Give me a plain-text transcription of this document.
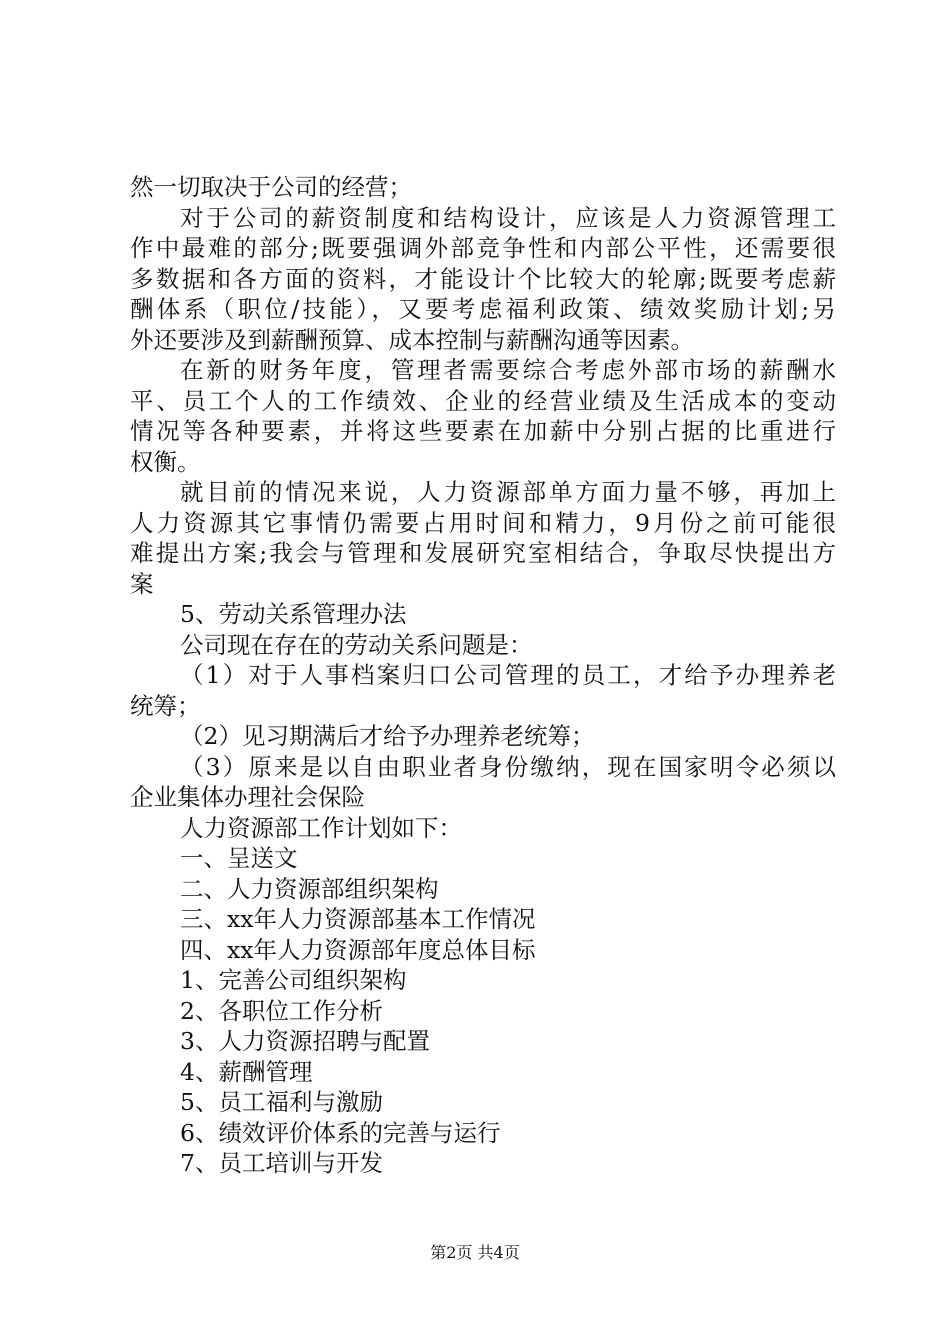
然一切取决于公司的经营；
对于公司的薪资制度和结构设计，应该是人力资源管理工
作中最难的部分;既要强调外部竞争性和内部公平性，还需要很
多数据和各方面的资料，才能设计个比较大的轮廓;既要考虑薪
酬体系（职位/技能），又要考虑福利政策、绩效奖励计划;另
外还要涉及到薪酬预算、成本控制与薪酬沟通等因素。
在新的财务年度，管理者需要综合考虑外部市场的薪酬水
平、员工个人的工作绩效、企业的经营业绩及生活成本的变动
情况等各种要素，并将这些要素在加薪中分别占据的比重进行
权衡。
就目前的情况来说，人力资源部单方面力量不够，再加上
人力资源其它事情仍需要占用时间和精力，9月份之前可能很
难提出方案;我会与管理和发展研究室相结合，争取尽快提出方
案
5、劳动关系管理办法
公司现在存在的劳动关系问题是：
（1）对于人事档案归口公司管理的员工，才给予办理养老
统筹；
（2）见习期满后才给予办理养老统筹；
（3）原来是以自由职业者身份缴纳，现在国家明令必须以
企业集体办理社会保险
人力资源部工作计划如下：
一、呈送文
二、人力资源部组织架构
三、xx年人力资源部基本工作情况
四、xx年人力资源部年度总体目标
1、完善公司组织架构
2、各职位工作分析
3、人力资源招聘与配置
4、薪酬管理
5、员工福利与激励
6、绩效评价体系的完善与运行
7、员工培训与开发
第2页 共4页
